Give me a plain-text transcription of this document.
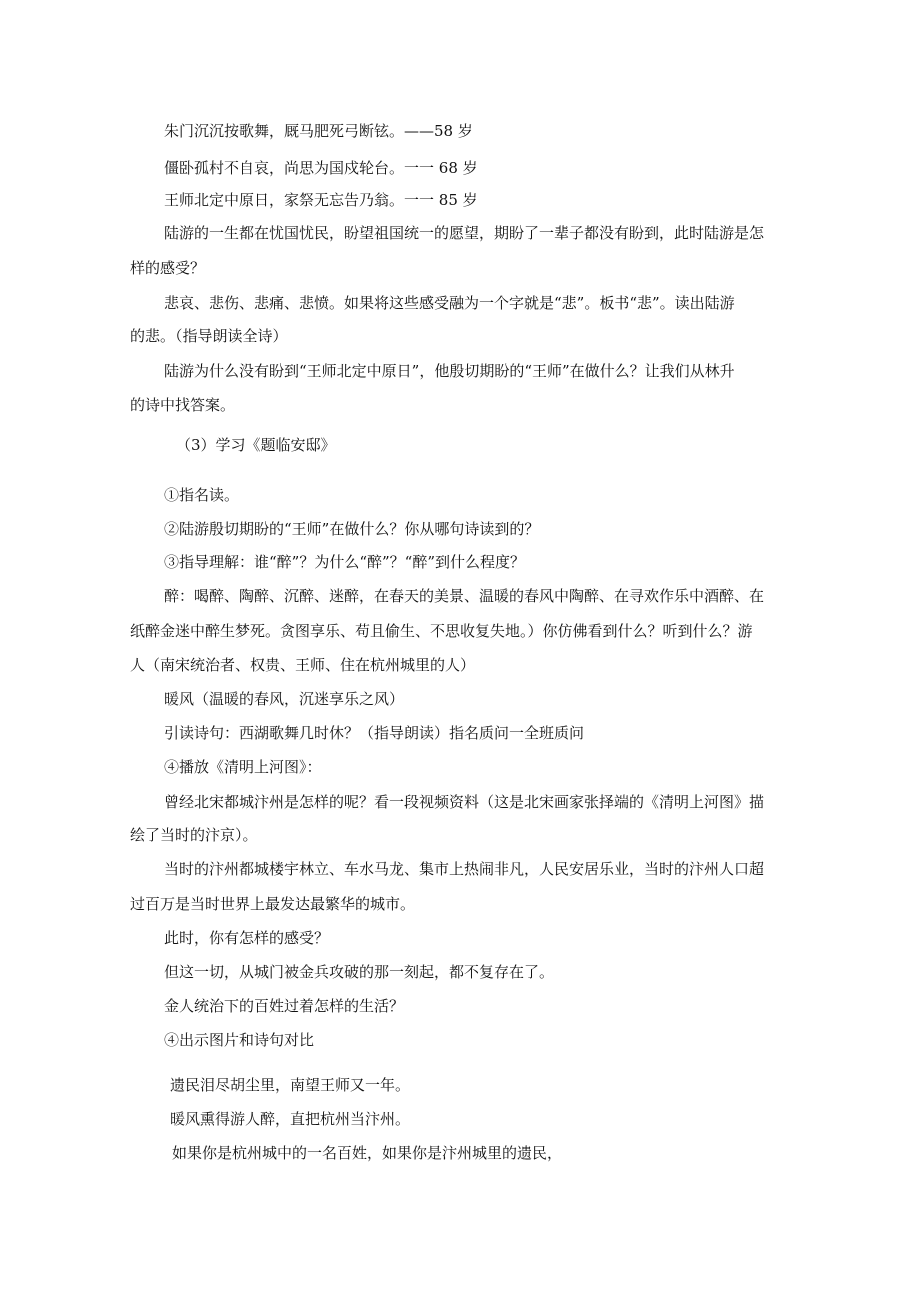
朱门沉沉按歌舞，厩马肥死弓断铉。——58 岁
僵卧孤村不自哀，尚思为国戍轮台。一一 68 岁
王师北定中原日，家祭无忘告乃翁。一一 85 岁
陆游的一生都在忧国忧民，盼望祖国统一的愿望，期盼了一辈子都没有盼到，此时陆游是怎
样的感受？
悲哀、悲伤、悲痛、悲愤。如果将这些感受融为一个字就是“悲”。板书“悲”。读出陆游
的悲。（指导朗读全诗）
陆游为什么没有盼到“王师北定中原日”，他殷切期盼的“王师”在做什么？让我们从林升
的诗中找答案。
（3）学习《题临安邸》
①指名读。
②陆游殷切期盼的“王师”在做什么？你从哪句诗读到的？
③指导理解：谁“醉”？为什么“醉”？“醉”到什么程度？
醉：喝醉、陶醉、沉醉、迷醉，在春天的美景、温暖的春风中陶醉、在寻欢作乐中酒醉、在
纸醉金迷中醉生梦死。贪图享乐、苟且偷生、不思收复失地。）你仿佛看到什么？听到什么？游
人（南宋统治者、权贵、王师、住在杭州城里的人）
暖风（温暖的春风，沉迷享乐之风）
引读诗句：西湖歌舞几时休？（指导朗读）指名质问一全班质问
④播放《清明上河图》：
曾经北宋都城汴州是怎样的呢？看一段视频资料（这是北宋画家张择端的《清明上河图》描
绘了当时的汴京）。
当时的汴州都城楼宇林立、车水马龙、集市上热闹非凡，人民安居乐业，当时的汴州人口超
过百万是当时世界上最发达最繁华的城市。
此时，你有怎样的感受？
但这一切，从城门被金兵攻破的那一刻起，都不复存在了。
金人统治下的百姓过着怎样的生活？
④出示图片和诗句对比
遗民泪尽胡尘里，南望王师又一年。
暖风熏得游人醉，直把杭州当汴州。
如果你是杭州城中的一名百姓，如果你是汴州城里的遗民，
